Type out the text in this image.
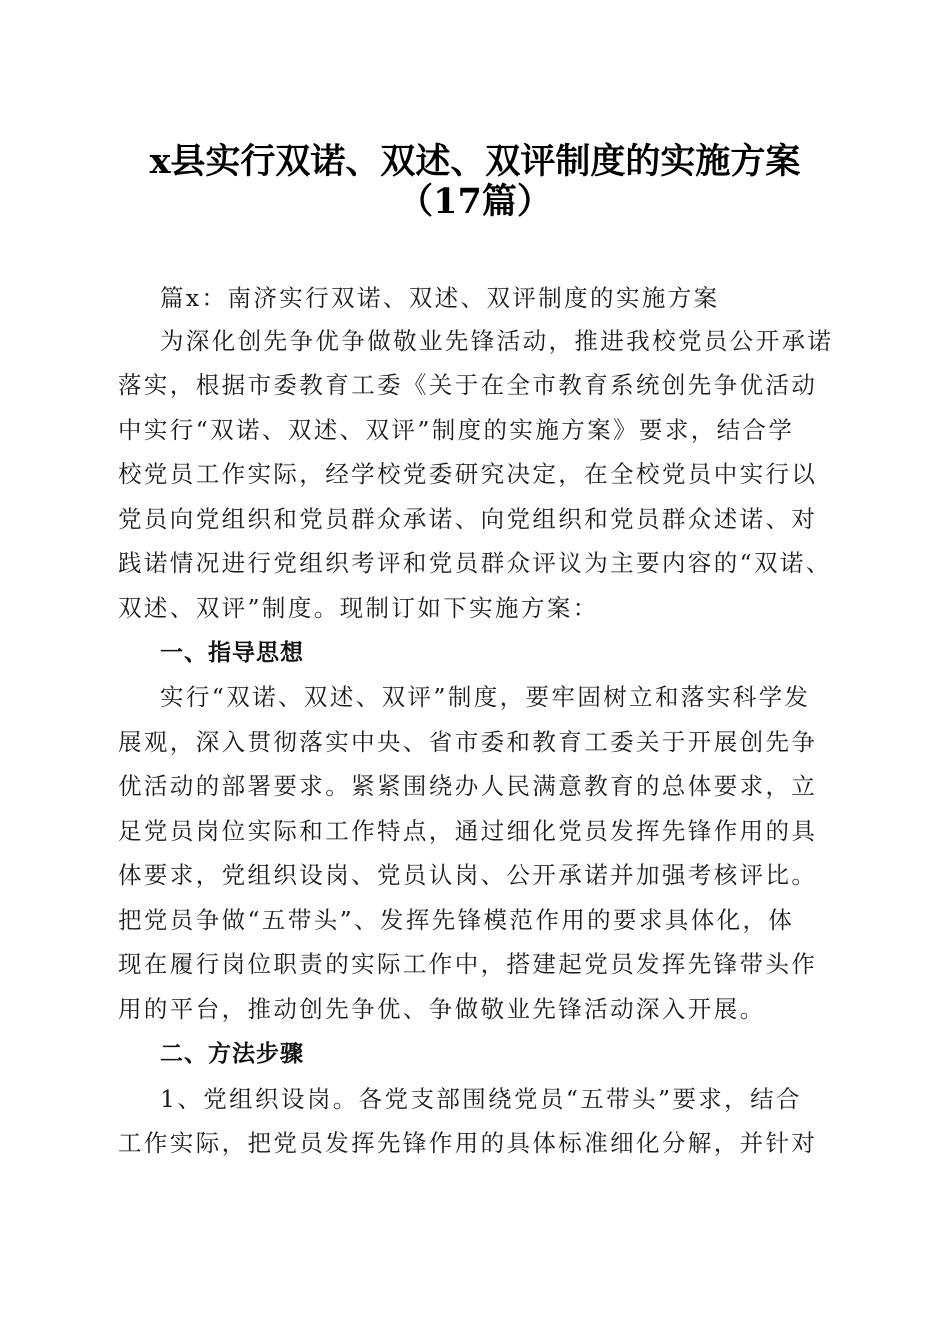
x县实行双诺、双述、双评制度的实施方案
（17篇）
篇x：南济实行双诺、双述、双评制度的实施方案
为深化创先争优争做敬业先锋活动，推进我校党员公开承诺
落实，根据市委教育工委《关于在全市教育系统创先争优活动
中实行“双诺、双述、双评”制度的实施方案》要求，结合学
校党员工作实际，经学校党委研究决定，在全校党员中实行以
党员向党组织和党员群众承诺、向党组织和党员群众述诺、对
践诺情况进行党组织考评和党员群众评议为主要内容的“双诺、
双述、双评”制度。现制订如下实施方案：
一、指导思想
实行“双诺、双述、双评”制度，要牢固树立和落实科学发
展观，深入贯彻落实中央、省市委和教育工委关于开展创先争
优活动的部署要求。紧紧围绕办人民满意教育的总体要求，立
足党员岗位实际和工作特点，通过细化党员发挥先锋作用的具
体要求，党组织设岗、党员认岗、公开承诺并加强考核评比。
把党员争做“五带头”、发挥先锋模范作用的要求具体化，体
现在履行岗位职责的实际工作中，搭建起党员发挥先锋带头作
用的平台，推动创先争优、争做敬业先锋活动深入开展。
二、方法步骤
1、党组织设岗。各党支部围绕党员“五带头”要求，结合
工作实际，把党员发挥先锋作用的具体标准细化分解，并针对
